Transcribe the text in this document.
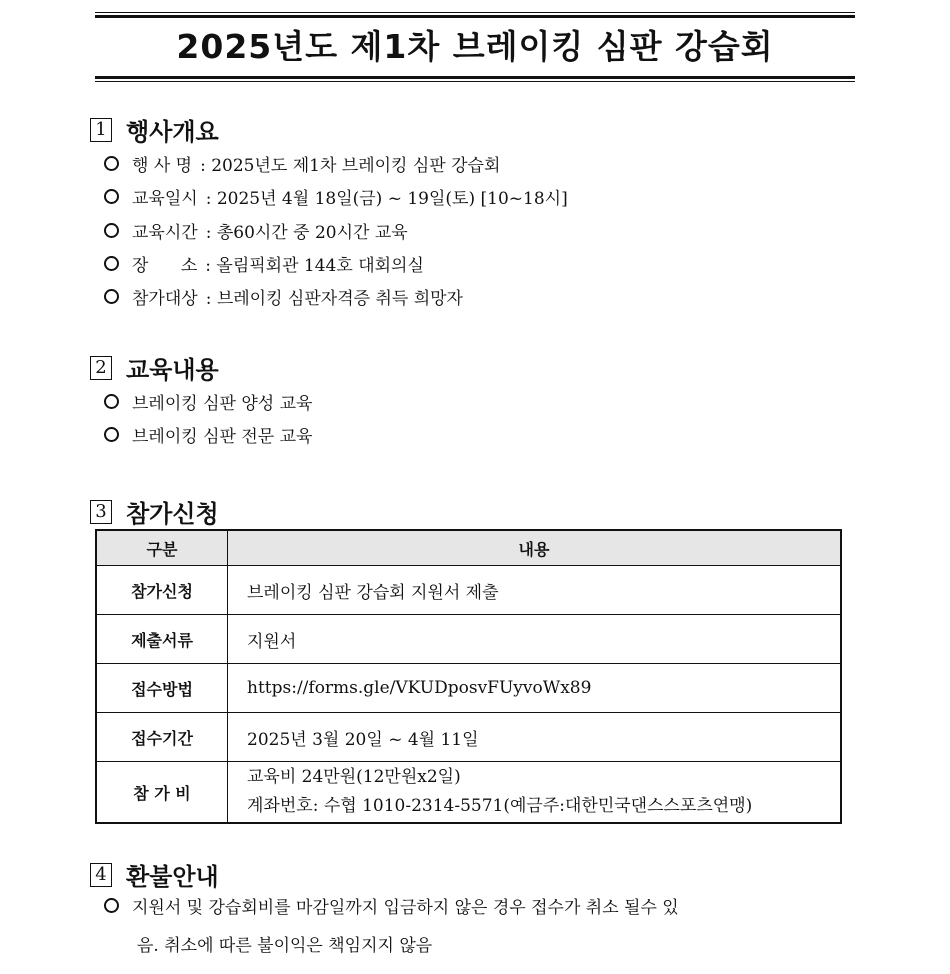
2025년도 제1차 브레이킹 심판 강습회
1 행사개요
행 사 명 : 2025년도 제1차 브레이킹 심판 강습회
교육일시 : 2025년 4월 18일(금) ~ 19일(토) [10~18시]
교육시간 : 총60시간 중 20시간 교육
장      소 : 올림픽회관 144호 대회의실
참가대상 : 브레이킹 심판자격증 취득 희망자
2 교육내용
브레이킹 심판 양성 교육
브레이킹 심판 전문 교육
3 참가신청
구분	내용
참가신청	브레이킹 심판 강습회 지원서 제출
제출서류	지원서
접수방법	https://forms.gle/VKUDposvFUyvoWx89
접수기간	2025년 3월 20일 ~ 4월 11일
참 가 비	교육비 24만원(12만원x2일)
계좌번호: 수협 1010-2314-5571(예금주:대한민국댄스스포츠연맹)
4 환불안내
지원서 및 강습회비를 마감일까지 입금하지 않은 경우 접수가 취소 될수 있
음. 취소에 따른 불이익은 책임지지 않음
